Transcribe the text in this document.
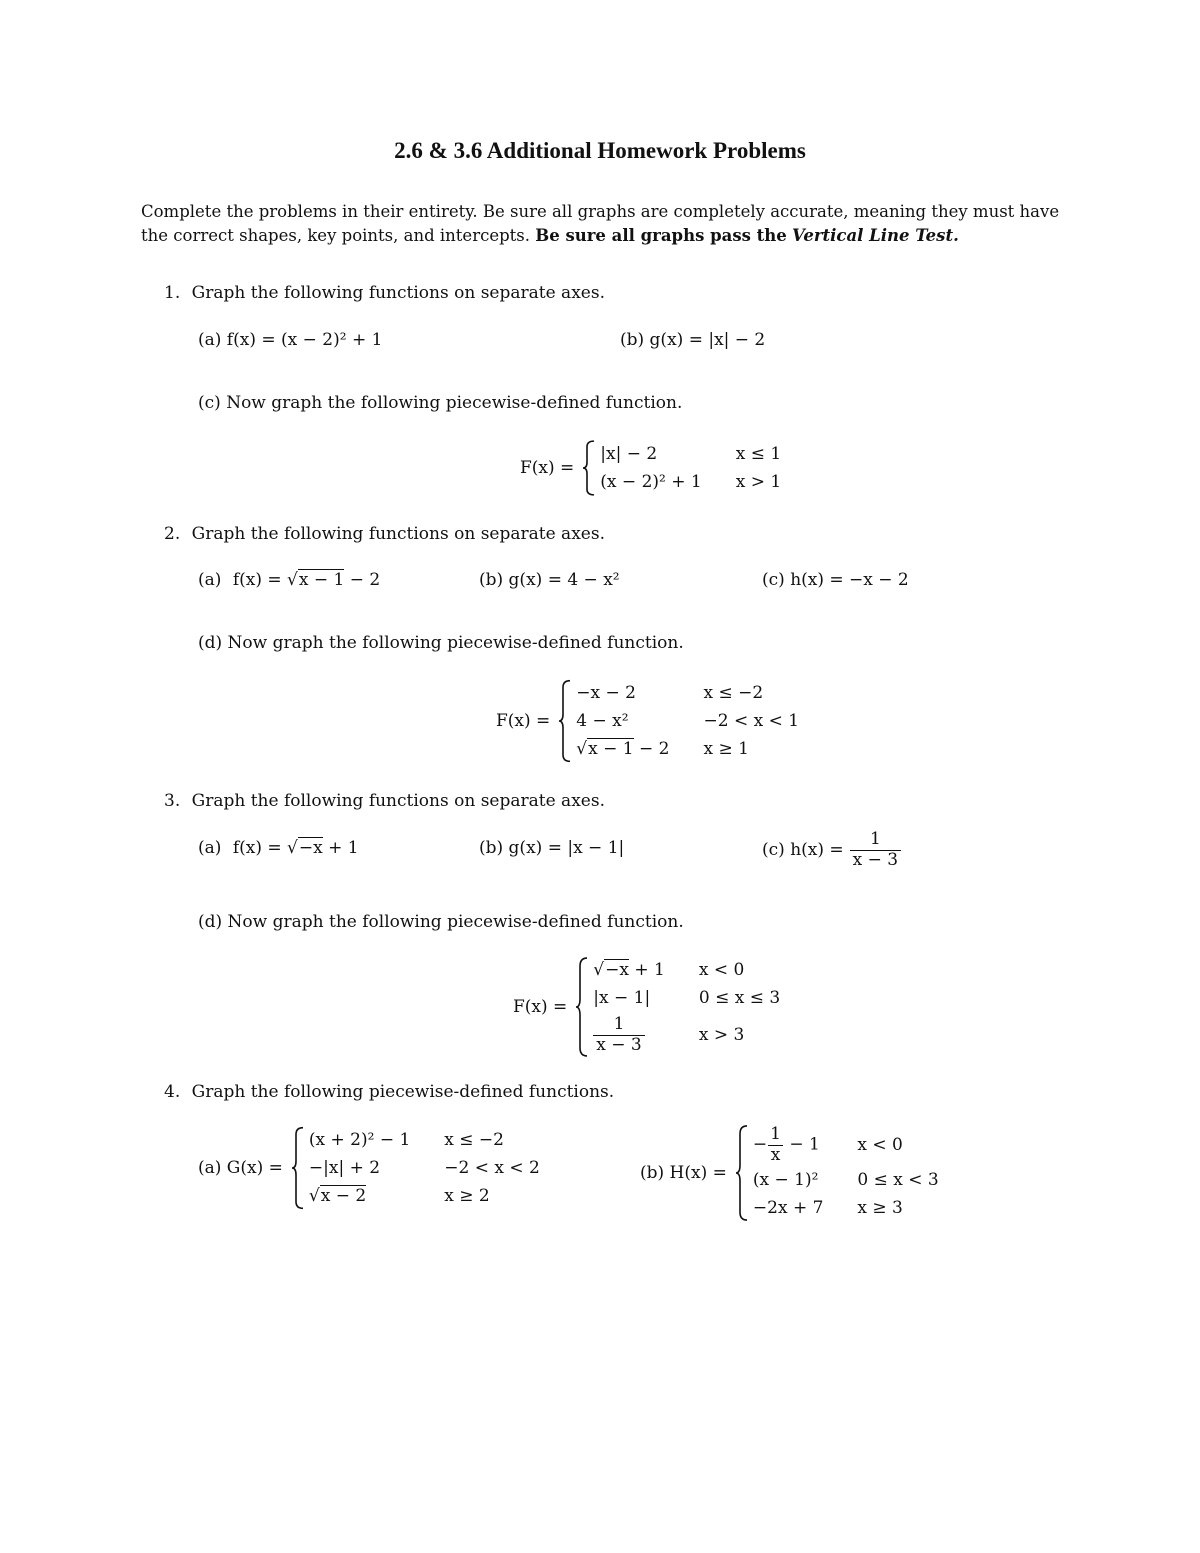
2.6 & 3.6 Additional Homework Problems
Complete the problems in their entirety. Be sure all graphs are completely accurate, meaning they must have the correct shapes, key points, and intercepts. Be sure all graphs pass the Vertical Line Test.
1. Graph the following functions on separate axes.
(a) f(x) = (x − 2)² + 1	(b) g(x) = |x| − 2
(c) Now graph the following piecewise-defined function.
F(x) =
|x| − 2	x ≤ 1
(x − 2)² + 1	x > 1
2. Graph the following functions on separate axes.
(a) f(x) = √x − 1 − 2	(b) g(x) = 4 − x²	(c) h(x) = −x − 2
(d) Now graph the following piecewise-defined function.
F(x) =
−x − 2	x ≤ −2
4 − x²	−2 < x < 1
√x − 1 − 2	x ≥ 1
3. Graph the following functions on separate axes.
(a) f(x) = √−x + 1	(b) g(x) = |x − 1|	(c) $h(x) = \frac{1}{x - 3}$
(d) Now graph the following piecewise-defined function.
F(x) =
√−x + 1	x < 0
|x − 1|	0 ≤ x ≤ 3

$\frac{1}{x - 3}$	x > 3
4. Graph the following piecewise-defined functions.
(a) G(x) =
(x + 2)² − 1	x ≤ −2
−|x| + 2	−2 < x < 2
√x − 2	x ≥ 2
(b) H(x) =
− $\frac{1}{x} - 1$	x < 0
(x − 1)²	0 ≤ x < 3
−2x + 7	x ≥ 3
